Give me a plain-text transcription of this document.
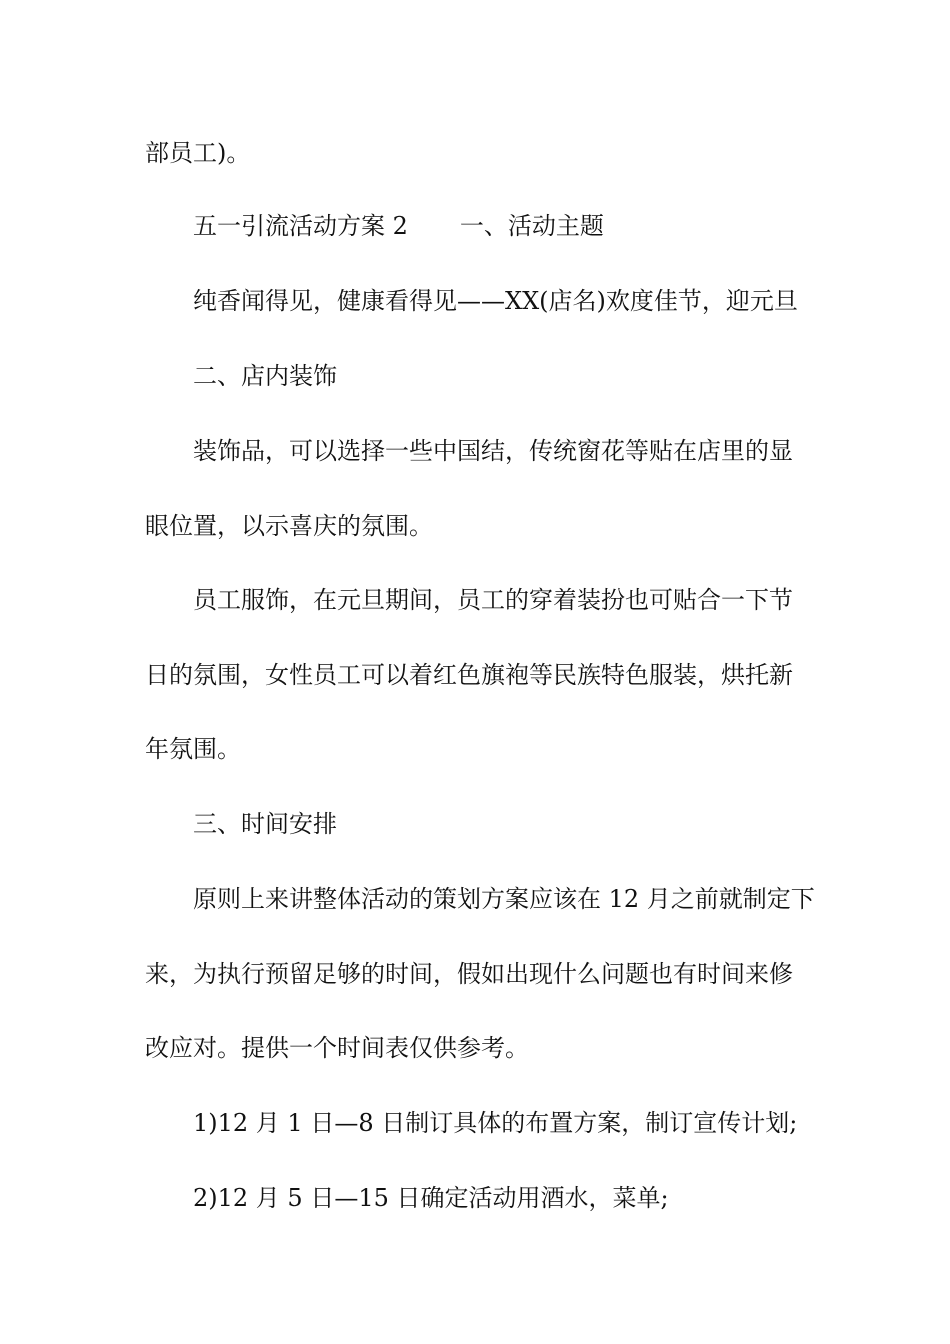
部员工)。
五一引流活动方案 2 一、活动主题
纯香闻得见，健康看得见——XX(店名)欢度佳节，迎元旦
二、店内装饰
装饰品，可以选择一些中国结，传统窗花等贴在店里的显
眼位置，以示喜庆的氛围。
员工服饰，在元旦期间，员工的穿着装扮也可贴合一下节
日的氛围，女性员工可以着红色旗袍等民族特色服装，烘托新
年氛围。
三、时间安排
原则上来讲整体活动的策划方案应该在 12 月之前就制定下
来，为执行预留足够的时间，假如出现什么问题也有时间来修
改应对。提供一个时间表仅供参考。
1)12 月 1 日—8 日制订具体的布置方案，制订宣传计划;
2)12 月 5 日—15 日确定活动用酒水，菜单;
